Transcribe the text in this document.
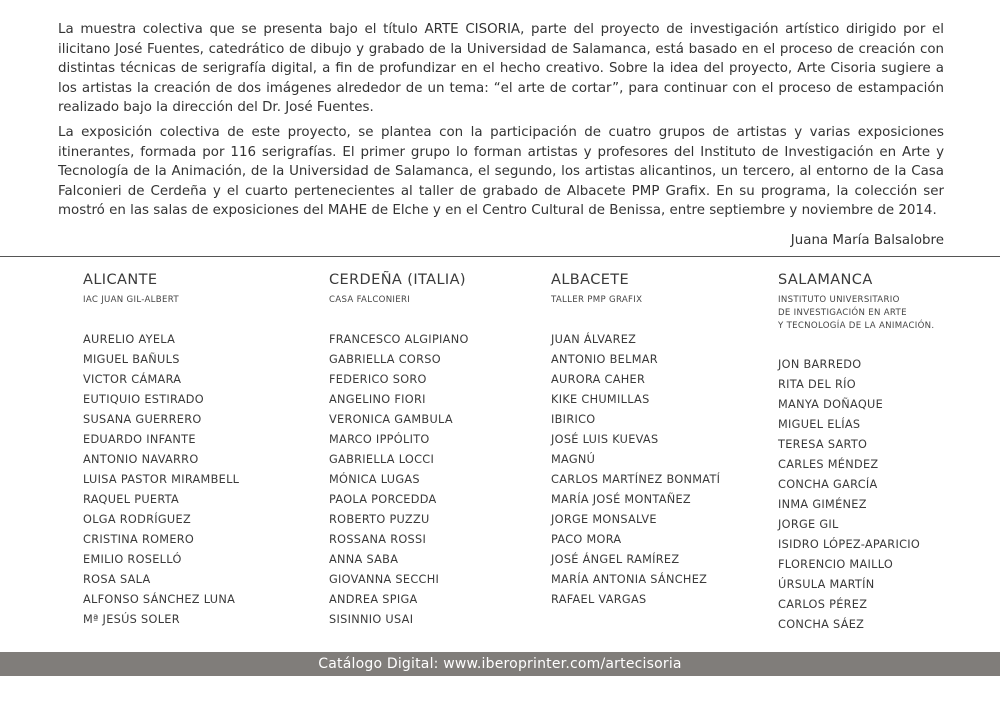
La muestra colectiva que se presenta bajo el título ARTE CISORIA, parte del proyecto de investigación artístico dirigido por el ilicitano José Fuentes, catedrático de dibujo y grabado de la Universidad de Salamanca, está basado en el proceso de creación con distintas técnicas de serigrafía digital, a fin de profundizar en el hecho creativo. Sobre la idea del proyecto, Arte Cisoria sugiere a los artistas la creación de dos imágenes alrededor de un tema: “el arte de cortar”, para continuar con el proceso de estampación realizado bajo la dirección del Dr. José Fuentes.

La exposición colectiva de este proyecto, se plantea con la participación de cuatro grupos de artistas y varias exposiciones itinerantes, formada por 116 serigrafías. El primer grupo lo forman artistas y profesores del Instituto de Investigación en Arte y Tecnología de la Animación, de la Universidad de Salamanca, el segundo, los artistas alicantinos, un tercero, al entorno de la Casa Falconieri de Cerdeña y el cuarto pertenecientes al taller de grabado de Albacete PMP Grafix. En su programa, la colección ser mostró en las salas de exposiciones del MAHE de Elche y en el Centro Cultural de Benissa, entre septiembre y noviembre de 2014.

Juana María Balsalobre
ALICANTE
IAC JUAN GIL-ALBERT
AURELIO AYELA
MIGUEL BAÑULS
VICTOR CÁMARA
EUTIQUIO ESTIRADO
SUSANA GUERRERO
EDUARDO INFANTE
ANTONIO NAVARRO
LUISA PASTOR MIRAMBELL
RAQUEL PUERTA
OLGA RODRÍGUEZ
CRISTINA ROMERO
EMILIO ROSELLÓ
ROSA SALA
ALFONSO SÁNCHEZ LUNA
Mª JESÚS SOLER
CERDEÑA (ITALIA)
CASA FALCONIERI
FRANCESCO ALGIPIANO
GABRIELLA CORSO
FEDERICO SORO
ANGELINO FIORI
VERONICA GAMBULA
MARCO IPPÓLITO
GABRIELLA LOCCI
MÓNICA LUGAS
PAOLA PORCEDDA
ROBERTO PUZZU
ROSSANA ROSSI
ANNA SABA
GIOVANNA SECCHI
ANDREA SPIGA
SISINNIO USAI
ALBACETE
TALLER PMP GRAFIX
JUAN ÁLVAREZ
ANTONIO BELMAR
AURORA CAHER
KIKE CHUMILLAS
IBIRICO
JOSÉ LUIS KUEVAS
MAGNÚ
CARLOS MARTÍNEZ BONMATÍ
MARÍA JOSÉ MONTAÑEZ
JORGE MONSALVE
PACO MORA
JOSÉ ÁNGEL RAMÍREZ
MARÍA ANTONIA SÁNCHEZ
RAFAEL VARGAS
SALAMANCA
INSTITUTO UNIVERSITARIO
DE INVESTIGACIÓN EN ARTE
Y TECNOLOGÍA DE LA ANIMACIÓN.
JON BARREDO
RITA DEL RÍO
MANYA DOÑAQUE
MIGUEL ELÍAS
TERESA SARTO
CARLES MÉNDEZ
CONCHA GARCÍA
INMA GIMÉNEZ
JORGE GIL
ISIDRO LÓPEZ-APARICIO
FLORENCIO MAILLO
ÚRSULA MARTÍN
CARLOS PÉREZ
CONCHA SÁEZ
Catálogo Digital: www.iberoprinter.com/artecisoria
